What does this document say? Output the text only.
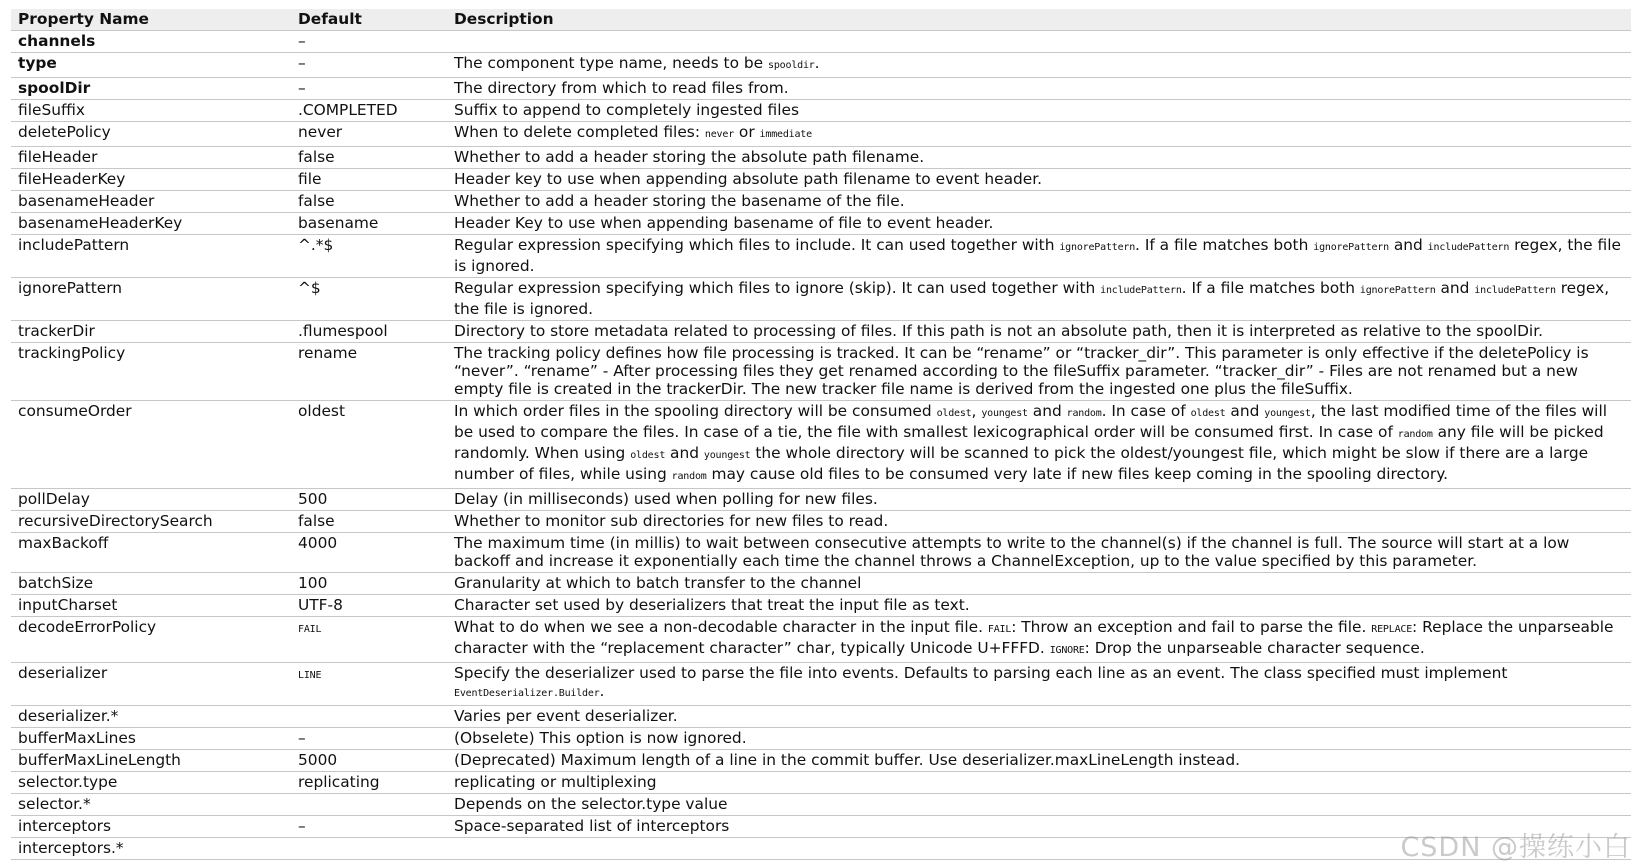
Property Name	Default	Description
channels	–	
type	–	The component type name, needs to be spooldir.
spoolDir	–	The directory from which to read files from.
fileSuffix	.COMPLETED	Suffix to append to completely ingested files
deletePolicy	never	When to delete completed files: never or immediate
fileHeader	false	Whether to add a header storing the absolute path filename.
fileHeaderKey	file	Header key to use when appending absolute path filename to event header.
basenameHeader	false	Whether to add a header storing the basename of the file.
basenameHeaderKey	basename	Header Key to use when appending basename of file to event header.
includePattern	^.*$	Regular expression specifying which files to include. It can used together with ignorePattern. If a file matches both ignorePattern and includePattern regex, the file is ignored.
ignorePattern	^$	Regular expression specifying which files to ignore (skip). It can used together with includePattern. If a file matches both ignorePattern and includePattern regex, the file is ignored.
trackerDir	.flumespool	Directory to store metadata related to processing of files. If this path is not an absolute path, then it is interpreted as relative to the spoolDir.
trackingPolicy	rename	The tracking policy defines how file processing is tracked. It can be “rename” or “tracker_dir”. This parameter is only effective if the deletePolicy is “never”. “rename” - After processing files they get renamed according to the fileSuffix parameter. “tracker_dir” - Files are not renamed but a new empty file is created in the trackerDir. The new tracker file name is derived from the ingested one plus the fileSuffix.
consumeOrder	oldest	In which order files in the spooling directory will be consumed oldest, youngest and random. In case of oldest and youngest, the last modified time of the files will be used to compare the files. In case of a tie, the file with smallest lexicographical order will be consumed first. In case of random any file will be picked randomly. When using oldest and youngest the whole directory will be scanned to pick the oldest/youngest file, which might be slow if there are a large number of files, while using random may cause old files to be consumed very late if new files keep coming in the spooling directory.
pollDelay	500	Delay (in milliseconds) used when polling for new files.
recursiveDirectorySearch	false	Whether to monitor sub directories for new files to read.
maxBackoff	4000	The maximum time (in millis) to wait between consecutive attempts to write to the channel(s) if the channel is full. The source will start at a low backoff and increase it exponentially each time the channel throws a ChannelException, up to the value specified by this parameter.
batchSize	100	Granularity at which to batch transfer to the channel
inputCharset	UTF-8	Character set used by deserializers that treat the input file as text.
decodeErrorPolicy	FAIL	What to do when we see a non-decodable character in the input file. FAIL: Throw an exception and fail to parse the file. REPLACE: Replace the unparseable character with the “replacement character” char, typically Unicode U+FFFD. IGNORE: Drop the unparseable character sequence.
deserializer	LINE	Specify the deserializer used to parse the file into events. Defaults to parsing each line as an event. The class specified must implement EventDeserializer.Builder.
deserializer.*		Varies per event deserializer.
bufferMaxLines	–	(Obselete) This option is now ignored.
bufferMaxLineLength	5000	(Deprecated) Maximum length of a line in the commit buffer. Use deserializer.maxLineLength instead.
selector.type	replicating	replicating or multiplexing
selector.*		Depends on the selector.type value
interceptors	–	Space-separated list of interceptors
interceptors.*			CSDN @操练小白
